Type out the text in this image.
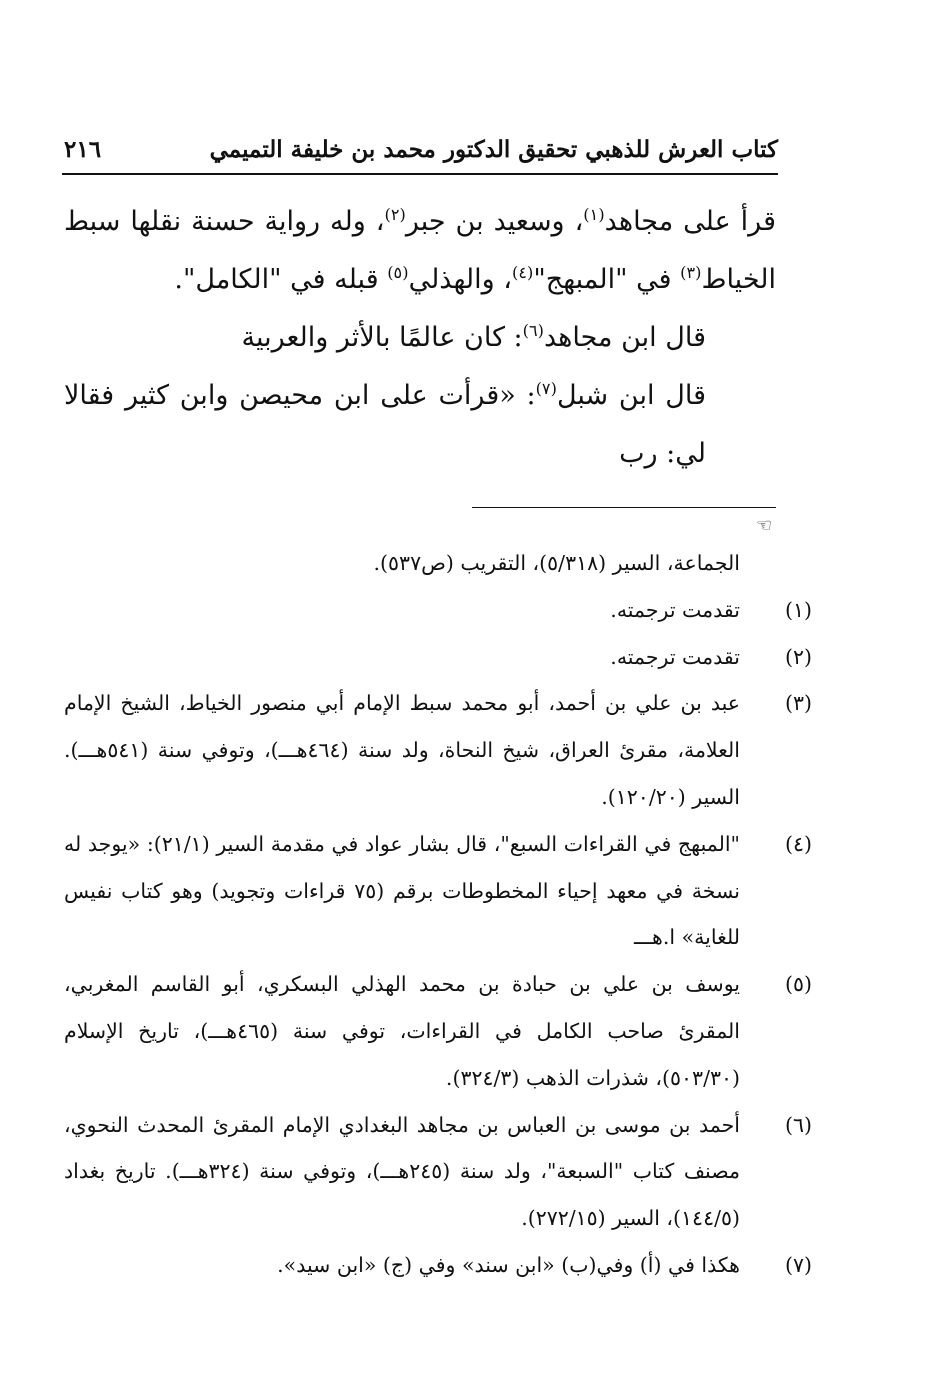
كتاب العرش للذهبي تحقيق الدكتور محمد بن خليفة التميمي
٢١٦

قرأ على مجاهد$^{(١)}$، وسعيد بن جبر$^{(٢)}$، وله رواية حسنة نقلها سبط الخياط$^{(٣)}$ في "المبهج"$^{(٤)}$، والهذلي$^{(٥)}$ قبله في "الكامل".

قال ابن مجاهد$^{(٦)}$: كان عالمًا بالأثر والعربية

قال ابن شبل$^{(٧)}$: «قرأت على ابن محيصن وابن كثير فقالا لي: رب

☜

الجماعة، السير (٥/٣١٨)، التقريب (ص٥٣٧).

(١)تقدمت ترجمته.

(٢)تقدمت ترجمته.

(٣)عبد بن علي بن أحمد، أبو محمد سبط الإمام أبي منصور الخياط، الشيخ الإمام العلامة، مقرئ العراق، شيخ النحاة، ولد سنة (٤٦٤هـــ)، وتوفي سنة (٥٤١هـــ). السير (١٢٠/٢٠).

(٤)"المبهج في القراءات السبع"، قال بشار عواد في مقدمة السير (٢١/١): «يوجد له نسخة في معهد إحياء المخطوطات برقم (٧٥ قراءات وتجويد) وهو كتاب نفيس للغاية» ا.هـــ

(٥)يوسف بن علي بن حبادة بن محمد الهذلي البسكري، أبو القاسم المغربي، المقرئ صاحب الكامل في القراءات، توفي سنة (٤٦٥هـــ)، تاريخ الإسلام (٥٠٣/٣٠)، شذرات الذهب (٣٢٤/٣).

(٦)أحمد بن موسى بن العباس بن مجاهد البغدادي الإمام المقرئ المحدث النحوي، مصنف كتاب "السبعة"، ولد سنة (٢٤٥هـــ)، وتوفي سنة (٣٢٤هـــ). تاريخ بغداد (١٤٤/٥)، السير (٢٧٢/١٥).

(٧)هكذا في (أ) وفي(ب) «ابن سند» وفي (ج) «ابن سيد».
